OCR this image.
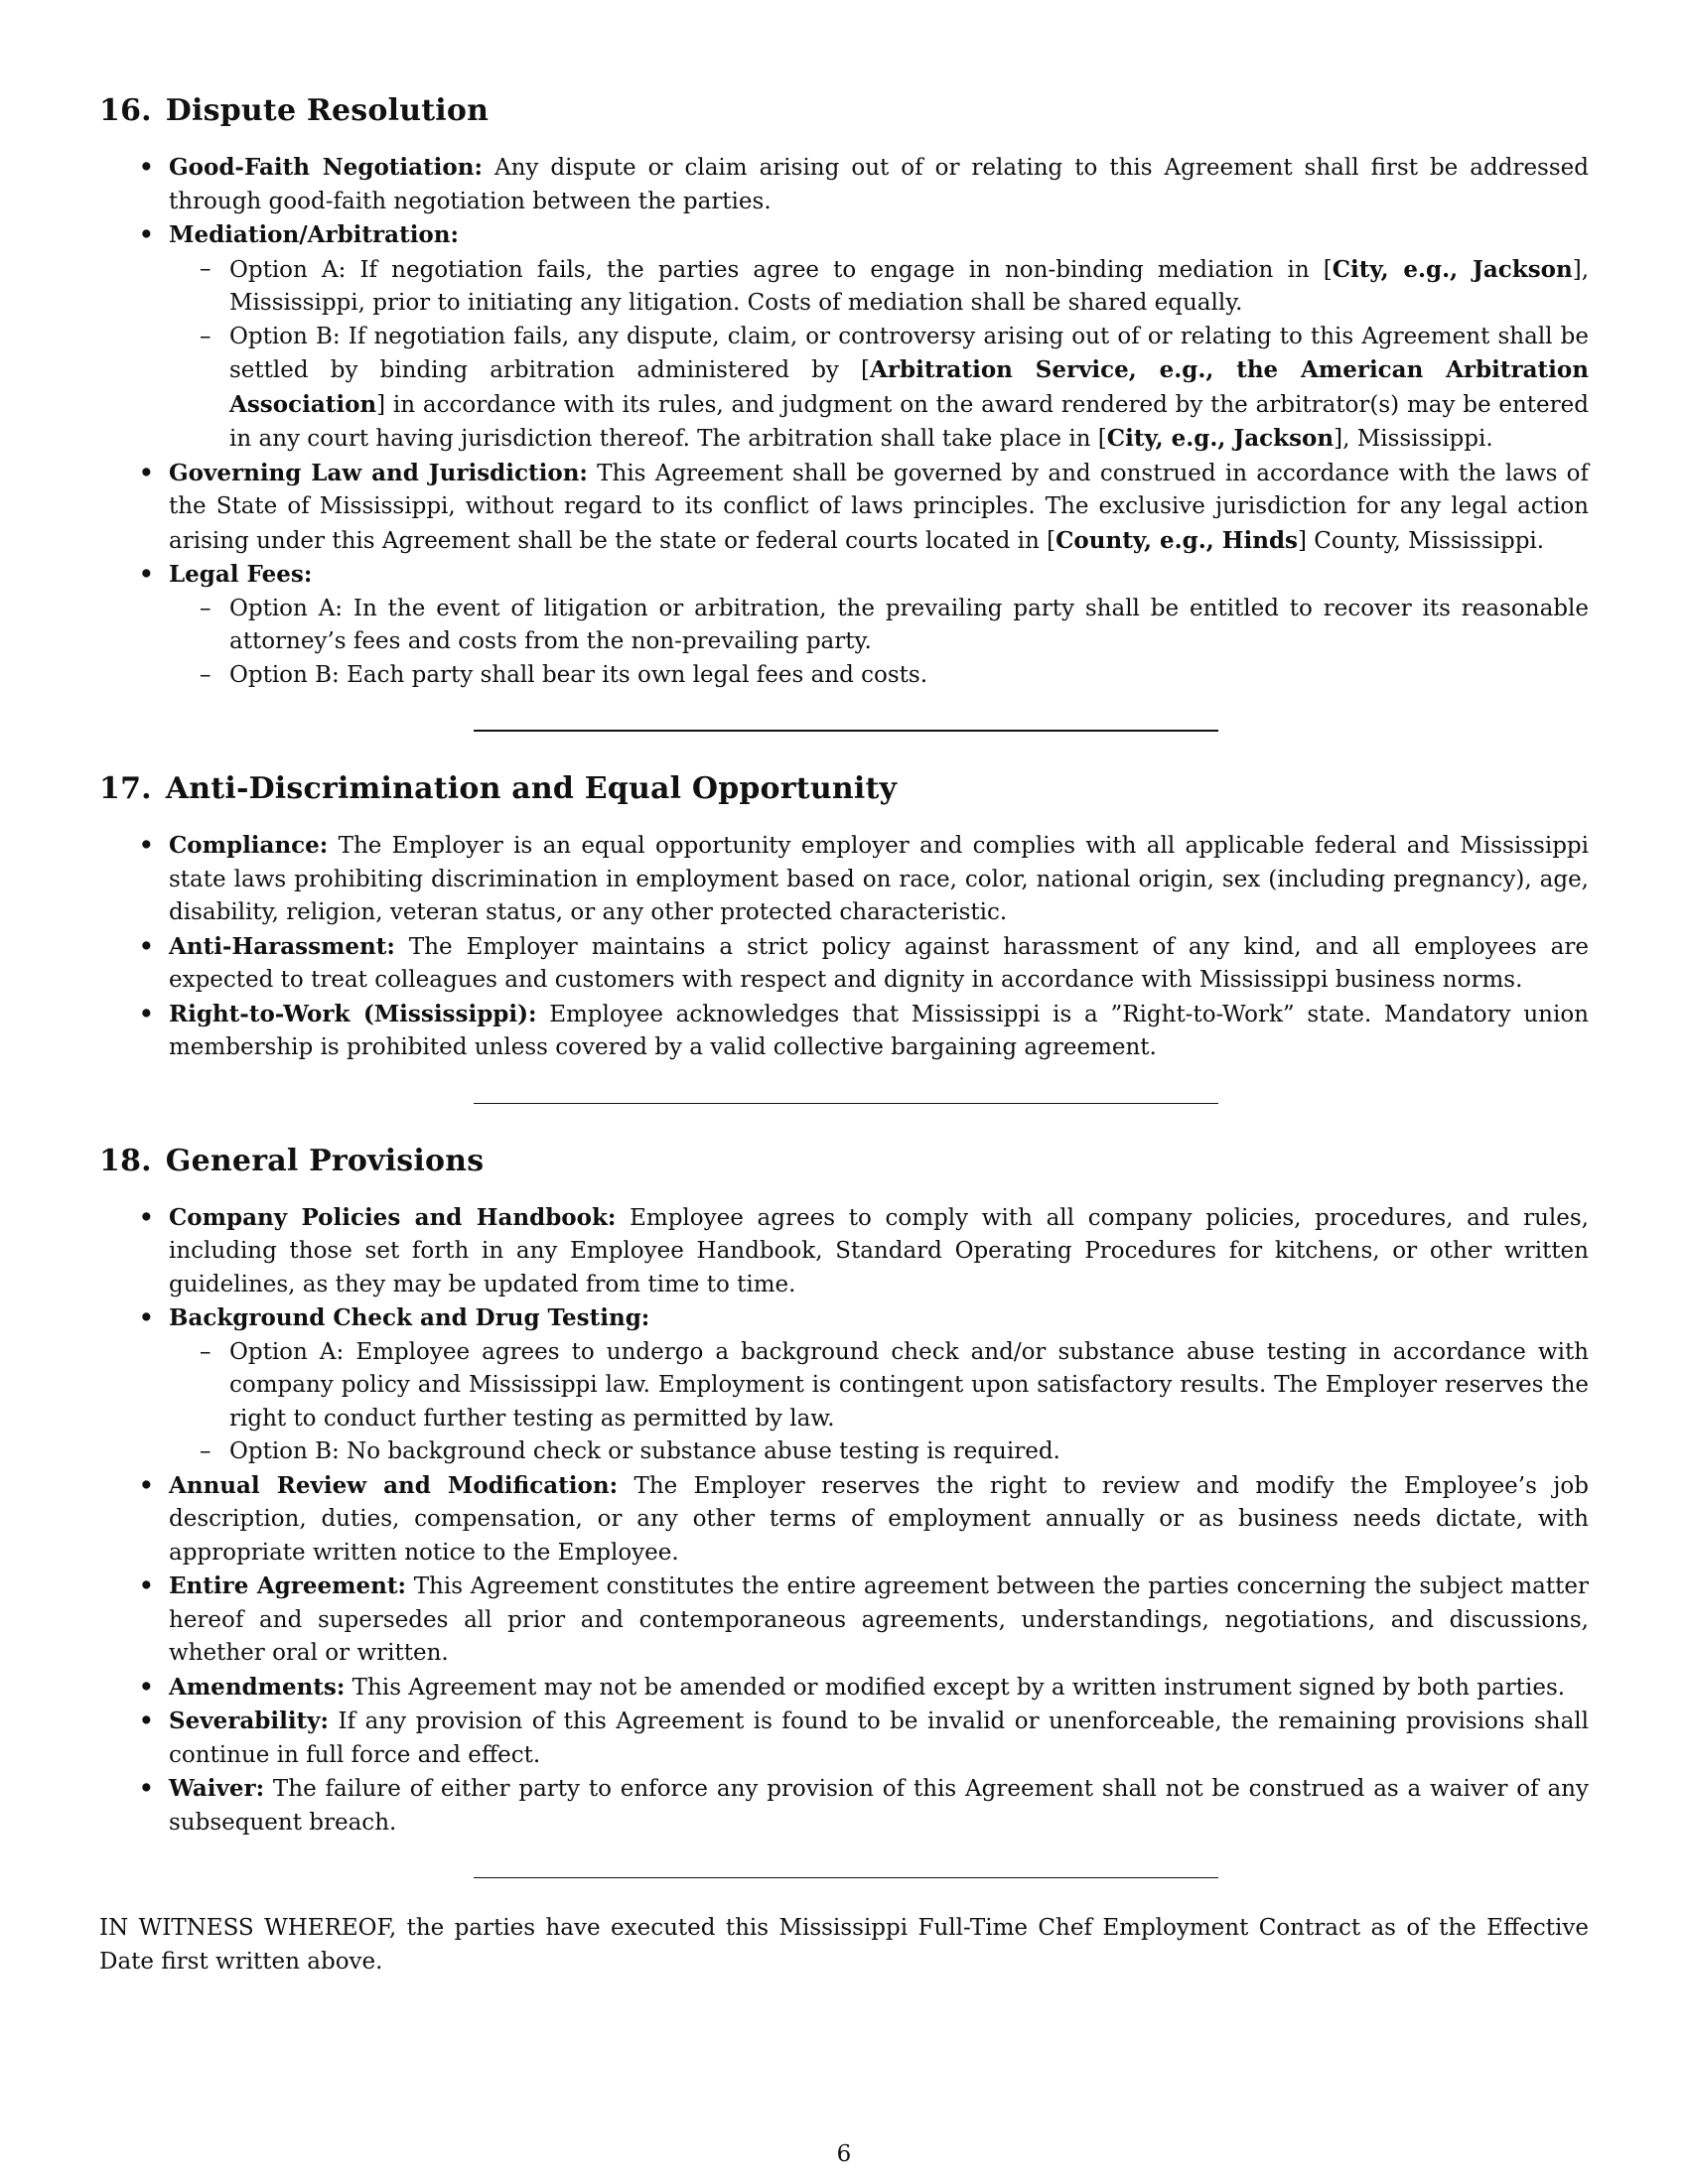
16. Dispute Resolution
• Good-Faith Negotiation: Any dispute or claim arising out of or relating to this Agreement shall first be addressed through good-faith negotiation between the parties.
• Mediation/Arbitration:
– Option A: If negotiation fails, the parties agree to engage in non-binding mediation in [City, e.g., Jackson], Mississippi, prior to initiating any litigation. Costs of mediation shall be shared equally.
– Option B: If negotiation fails, any dispute, claim, or controversy arising out of or relating to this Agreement shall be settled by binding arbitration administered by [Arbitration Service, e.g., the American Arbitration Association] in accordance with its rules, and judgment on the award rendered by the arbitrator(s) may be entered in any court having jurisdiction thereof. The arbitration shall take place in [City, e.g., Jackson], Mississippi.
• Governing Law and Jurisdiction: This Agreement shall be governed by and construed in accordance with the laws of the State of Mississippi, without regard to its conflict of laws principles. The exclusive jurisdiction for any legal action arising under this Agreement shall be the state or federal courts located in [County, e.g., Hinds] County, Mississippi.
• Legal Fees:
– Option A: In the event of litigation or arbitration, the prevailing party shall be entitled to recover its reasonable attorney’s fees and costs from the non-prevailing party.
– Option B: Each party shall bear its own legal fees and costs.
17. Anti-Discrimination and Equal Opportunity
• Compliance: The Employer is an equal opportunity employer and complies with all applicable federal and Mississippi state laws prohibiting discrimination in employment based on race, color, national origin, sex (including pregnancy), age, disability, religion, veteran status, or any other protected characteristic.
• Anti-Harassment: The Employer maintains a strict policy against harassment of any kind, and all employees are expected to treat colleagues and customers with respect and dignity in accordance with Mississippi business norms.
• Right-to-Work (Mississippi): Employee acknowledges that Mississippi is a ”Right-to-Work” state. Mandatory union membership is prohibited unless covered by a valid collective bargaining agreement.
18. General Provisions
• Company Policies and Handbook: Employee agrees to comply with all company policies, procedures, and rules, including those set forth in any Employee Handbook, Standard Operating Procedures for kitchens, or other written guidelines, as they may be updated from time to time.
• Background Check and Drug Testing:
– Option A: Employee agrees to undergo a background check and/or substance abuse testing in accordance with company policy and Mississippi law. Employment is contingent upon satisfactory results. The Employer reserves the right to conduct further testing as permitted by law.
– Option B: No background check or substance abuse testing is required.
• Annual Review and Modification: The Employer reserves the right to review and modify the Employee’s job description, duties, compensation, or any other terms of employment annually or as business needs dictate, with appropriate written notice to the Employee.
• Entire Agreement: This Agreement constitutes the entire agreement between the parties concerning the subject matter hereof and supersedes all prior and contemporaneous agreements, understandings, negotiations, and discussions, whether oral or written.
• Amendments: This Agreement may not be amended or modified except by a written instrument signed by both parties.
• Severability: If any provision of this Agreement is found to be invalid or unenforceable, the remaining provisions shall continue in full force and effect.
• Waiver: The failure of either party to enforce any provision of this Agreement shall not be construed as a waiver of any subsequent breach.

IN WITNESS WHEREOF, the parties have executed this Mississippi Full-Time Chef Employment Contract as of the Effective Date first written above.

6
